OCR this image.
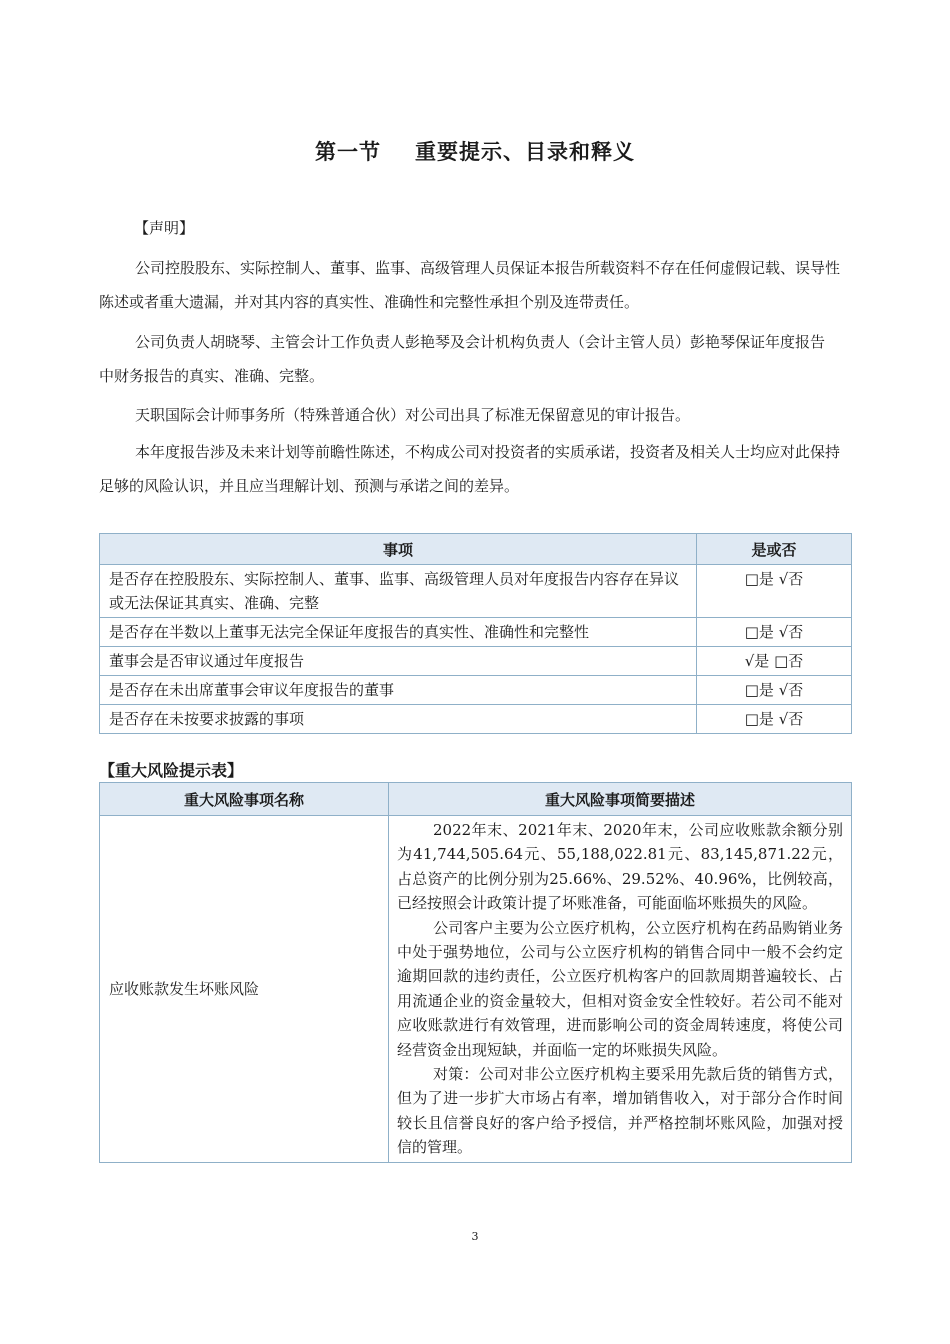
第一节 重要提示、目录和释义
【声明】

公司控股股东、实际控制人、董事、监事、高级管理人员保证本报告所载资料不存在任何虚假记载、误导性陈述或者重大遗漏，并对其内容的真实性、准确性和完整性承担个别及连带责任。

公司负责人胡晓琴、主管会计工作负责人彭艳琴及会计机构负责人（会计主管人员）彭艳琴保证年度报告中财务报告的真实、准确、完整。

天职国际会计师事务所（特殊普通合伙）对公司出具了标准无保留意见的审计报告。

本年度报告涉及未来计划等前瞻性陈述，不构成公司对投资者的实质承诺，投资者及相关人士均应对此保持足够的风险认识，并且应当理解计划、预测与承诺之间的差异。

事项	是或否
是否存在控股股东、实际控制人、董事、监事、高级管理人员对年度报告内容存在异议或无法保证其真实、准确、完整	□是 √否
是否存在半数以上董事无法完全保证年度报告的真实性、准确性和完整性	□是 √否
董事会是否审议通过年度报告	√是 □否
是否存在未出席董事会审议年度报告的董事	□是 √否
是否存在未按要求披露的事项	□是 √否
【重大风险提示表】
重大风险事项名称	重大风险事项简要描述
应收账款发生坏账风险	2022年末、2021年末、2020年末，公司应收账款余额分别为41,744,505.64元、55,188,022.81元、83,145,871.22元，占总资产的比例分别为25.66%、29.52%、40.96%，比例较高，已经按照会计政策计提了坏账准备，可能面临坏账损失的风险。

公司客户主要为公立医疗机构，公立医疗机构在药品购销业务中处于强势地位，公司与公立医疗机构的销售合同中一般不会约定逾期回款的违约责任，公立医疗机构客户的回款周期普遍较长、占用流通企业的资金量较大，但相对资金安全性较好。若公司不能对应收账款进行有效管理，进而影响公司的资金周转速度，将使公司经营资金出现短缺，并面临一定的坏账损失风险。

对策：公司对非公立医疗机构主要采用先款后货的销售方式，但为了进一步扩大市场占有率，增加销售收入，对于部分合作时间较长且信誉良好的客户给予授信，并严格控制坏账风险，加强对授信的管理。

3
